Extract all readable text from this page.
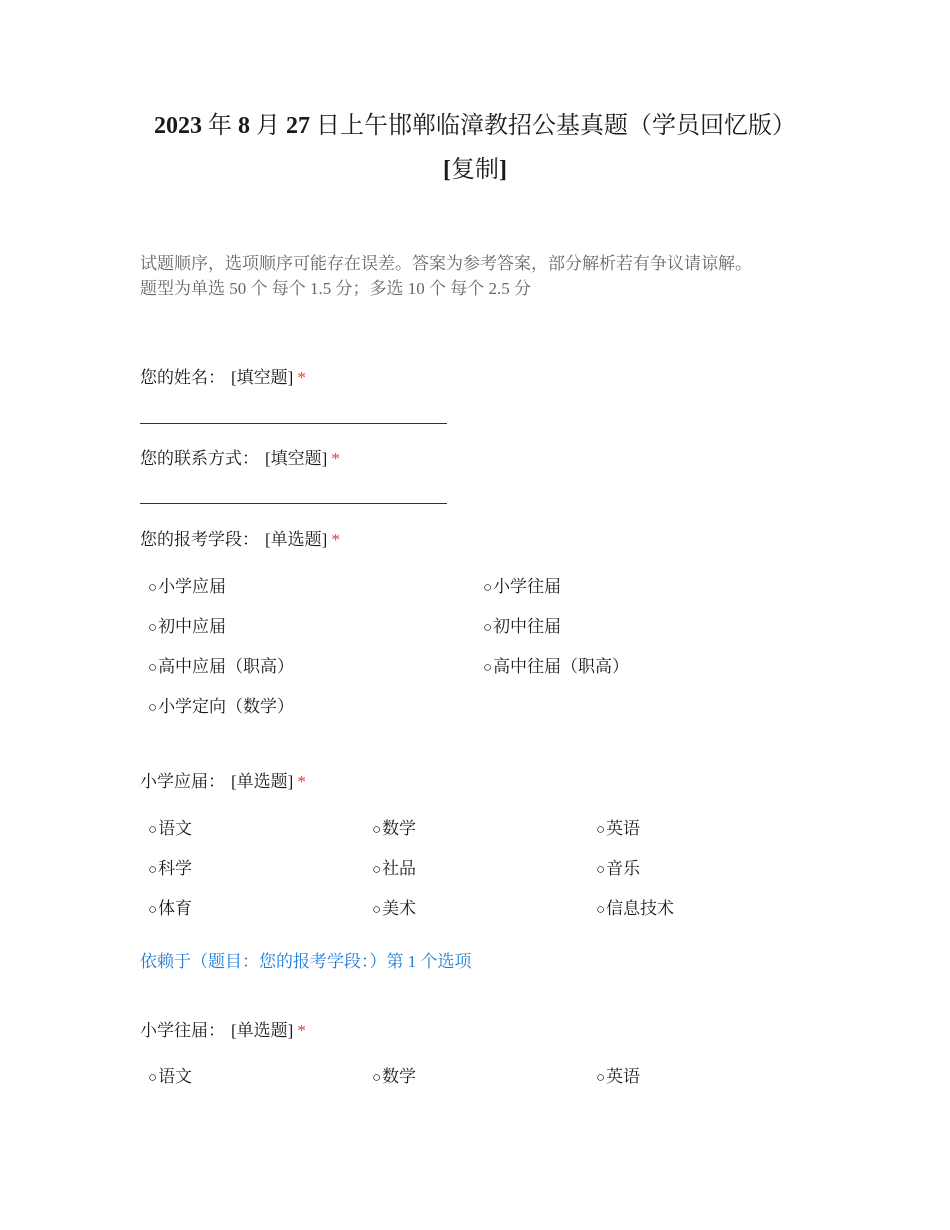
2023 年 8 月 27 日上午邯郸临漳教招公基真题（学员回忆版）
[复制]
试题顺序，选项顺序可能存在误差。答案为参考答案，部分解析若有争议请谅解。
题型为单选 50 个 每个 1.5 分；多选 10 个 每个 2.5 分
您的姓名： [填空题] *
您的联系方式： [填空题] *
您的报考学段： [单选题] *
○小学应届	○小学往届
○初中应届	○初中往届
○高中应届（职高）	○高中往届（职高）
○小学定向（数学）
小学应届： [单选题] *
○语文	○数学	○英语
○科学	○社品	○音乐
○体育	○美术	○信息技术
依赖于（题目：您的报考学段：）第 1 个选项
小学往届： [单选题] *
○语文	○数学	○英语
